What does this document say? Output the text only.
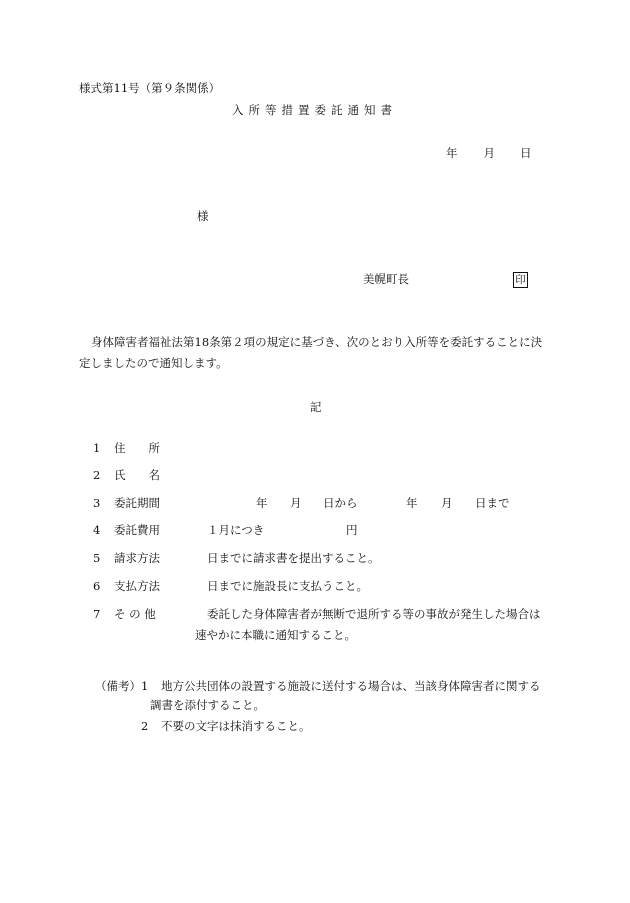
様式第11号（第９条関係）
入所等措置委託通知書
年 月 日
様
美幌町長	印
身体障害者福祉法第18条第２項の規定に基づき、次のとおり入所等を委託することに決
定しましたので通知します。
記
1 住　　所
2 氏　　名
3 委託期間	年 月 日から	年 月 日まで
4 委託費用	１月につき	円
5 請求方法	日までに請求書を提出すること。
6 支払方法	日までに施設長に支払うこと。
7 そ の 他	委託した身体障害者が無断で退所する等の事故が発生した場合は
速やかに本職に通知すること。
（備考） 1 地方公共団体の設置する施設に送付する場合は、当該身体障害者に関する
調書を添付すること。
2 不要の文字は抹消すること。
